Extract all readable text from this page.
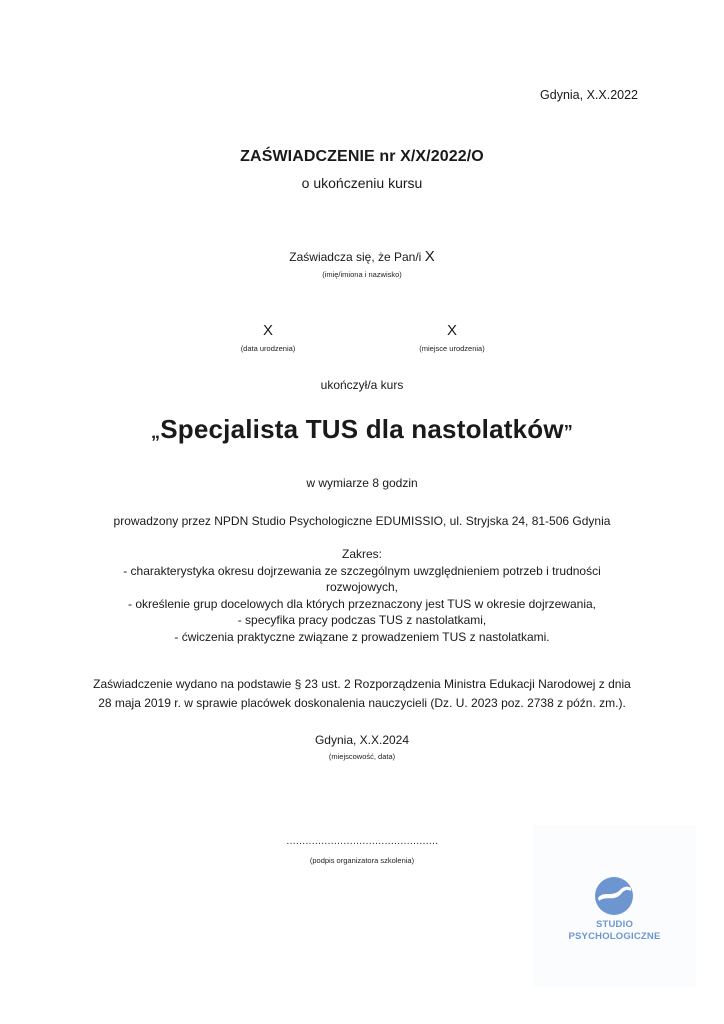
Gdynia, X.X.2022
ZAŚWIADCZENIE nr X/X/2022/O
o ukończeniu kursu
Zaświadcza się, że Pan/i X
(imię/imiona i nazwisko)
X
(data urodzenia)
X
(miejsce urodzenia)
ukończył/a kurs
„Specjalista TUS dla nastolatków”
w wymiarze 8 godzin
prowadzony przez NPDN Studio Psychologiczne EDUMISSIO, ul. Stryjska 24, 81-506 Gdynia
Zakres:
- charakterystyka okresu dojrzewania ze szczególnym uwzględnieniem potrzeb i trudności
rozwojowych,
- określenie grup docelowych dla których przeznaczony jest TUS w okresie dojrzewania,
- specyfika pracy podczas TUS z nastolatkami,
- ćwiczenia praktyczne związane z prowadzeniem TUS z nastolatkami.
Zaświadczenie wydano na podstawie § 23 ust. 2 Rozporządzenia Ministra Edukacji Narodowej z dnia
28 maja 2019 r. w sprawie placówek doskonalenia nauczycieli (Dz. U. 2023 poz. 2738 z późn. zm.).
Gdynia, X.X.2024
(miejscowość, data)
…………………………………………
(podpis organizatora szkolenia)
STUDIO
PSYCHOLOGICZNE
